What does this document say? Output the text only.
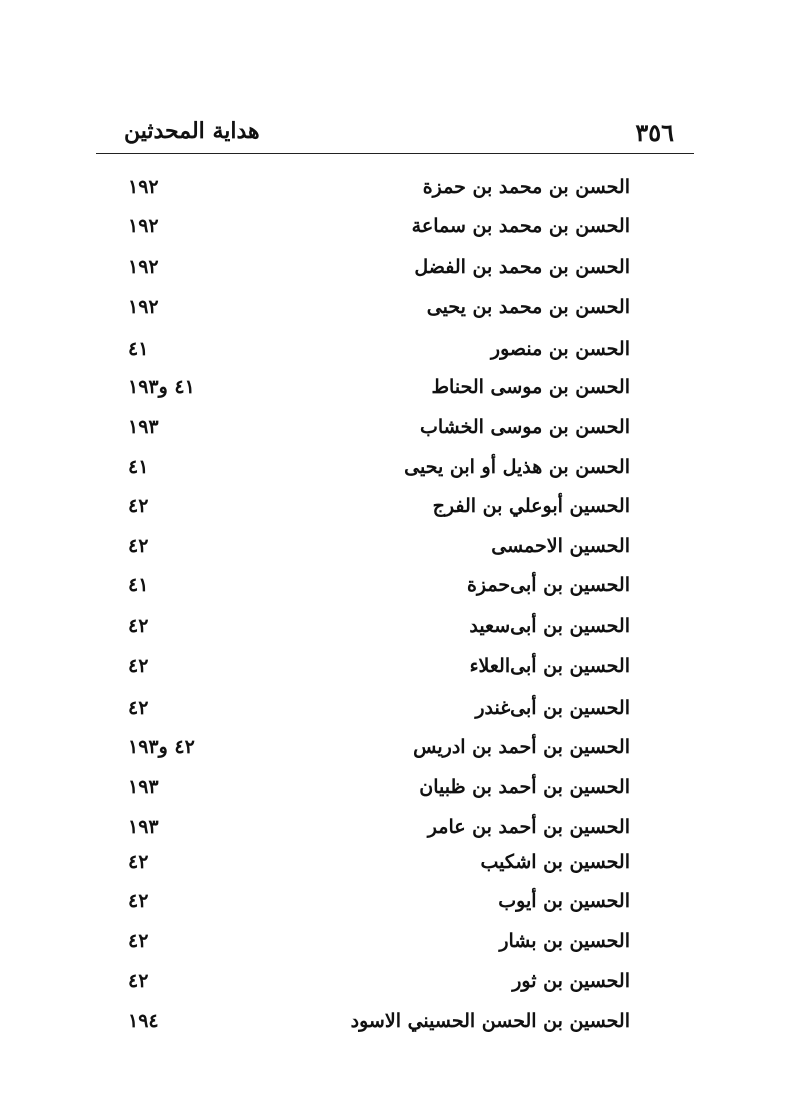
٣٥٦
هداية المحدثين
الحسن بن محمد بن حمزة
١٩٢
الحسن بن محمد بن سماعة
١٩٢
الحسن بن محمد بن الفضل
١٩٢
الحسن بن محمد بن يحيى
١٩٢
الحسن بن منصور
٤١
الحسن بن موسى الحناط
٤١ و١٩٣
الحسن بن موسى الخشاب
١٩٣
الحسن بن هذيل أو ابن يحيى
٤١
الحسين أبوعلي بن الفرج
٤٢
الحسين الاحمسى
٤٢
الحسين بن أبى‌حمزة
٤١
الحسين بن أبى‌سعيد
٤٢
الحسين بن أبى‌العلاء
٤٢
الحسين بن أبى‌غندر
٤٢
الحسين بن أحمد بن ادريس
٤٢ و١٩٣
الحسين بن أحمد بن ظبيان
١٩٣
الحسين بن أحمد بن عامر
١٩٣
الحسين بن اشكيب
٤٢
الحسين بن أيوب
٤٢
الحسين بن بشار
٤٢
الحسين بن ثور
٤٢
الحسين بن الحسن الحسيني الاسود
١٩٤
